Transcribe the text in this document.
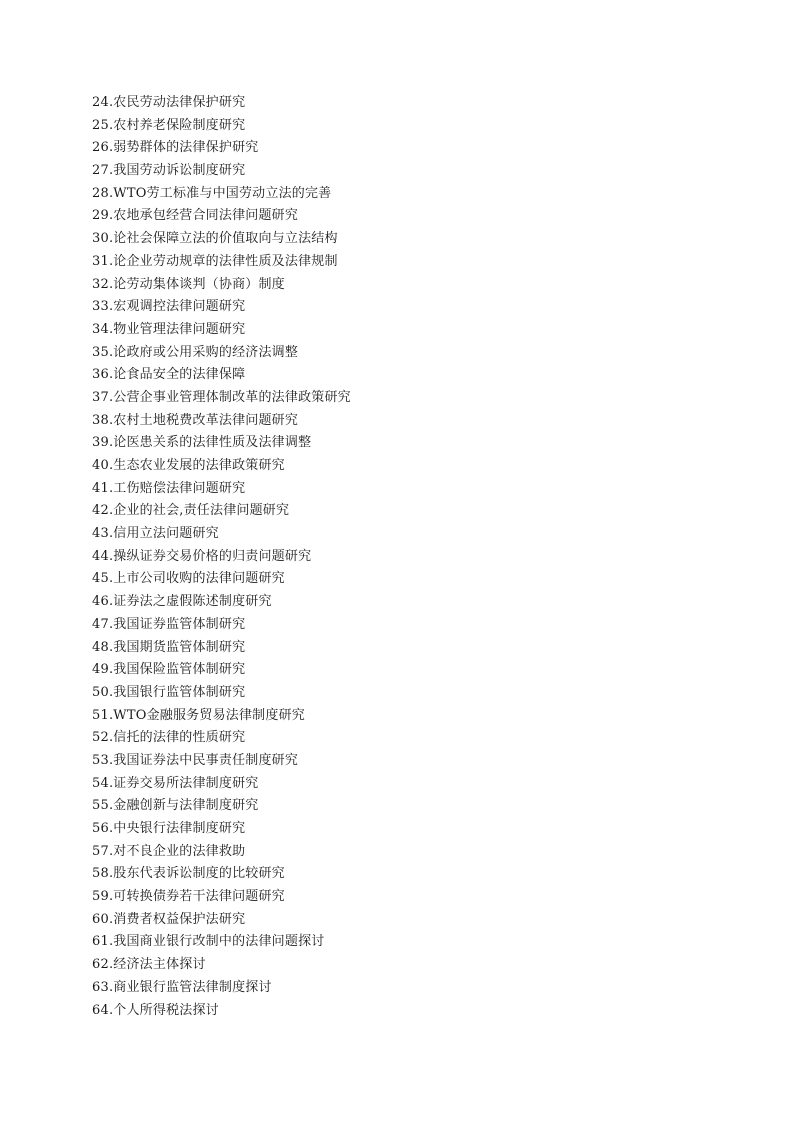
24.农民劳动法律保护研究
25.农村养老保险制度研究
26.弱势群体的法律保护研究
27.我国劳动诉讼制度研究
28.WTO劳工标准与中国劳动立法的完善
29.农地承包经营合同法律问题研究
30.论社会保障立法的价值取向与立法结构
31.论企业劳动规章的法律性质及法律规制
32.论劳动集体谈判（协商）制度
33.宏观调控法律问题研究
34.物业管理法律问题研究
35.论政府或公用采购的经济法调整
36.论食品安全的法律保障
37.公营企事业管理体制改革的法律政策研究
38.农村土地税费改革法律问题研究
39.论医患关系的法律性质及法律调整
40.生态农业发展的法律政策研究
41.工伤赔偿法律问题研究
42.企业的社会,责任法律问题研究
43.信用立法问题研究
44.操纵证券交易价格的归责问题研究
45.上市公司收购的法律问题研究
46.证券法之虚假陈述制度研究
47.我国证券监管体制研究
48.我国期货监管体制研究
49.我国保险监管体制研究
50.我国银行监管体制研究
51.WTO金融服务贸易法律制度研究
52.信托的法律的性质研究
53.我国证券法中民事责任制度研究
54.证券交易所法律制度研究
55.金融创新与法律制度研究
56.中央银行法律制度研究
57.对不良企业的法律救助
58.股东代表诉讼制度的比较研究
59.可转换债券若干法律问题研究
60.消费者权益保护法研究
61.我国商业银行改制中的法律问题探讨
62.经济法主体探讨
63.商业银行监管法律制度探讨
64.个人所得税法探讨
